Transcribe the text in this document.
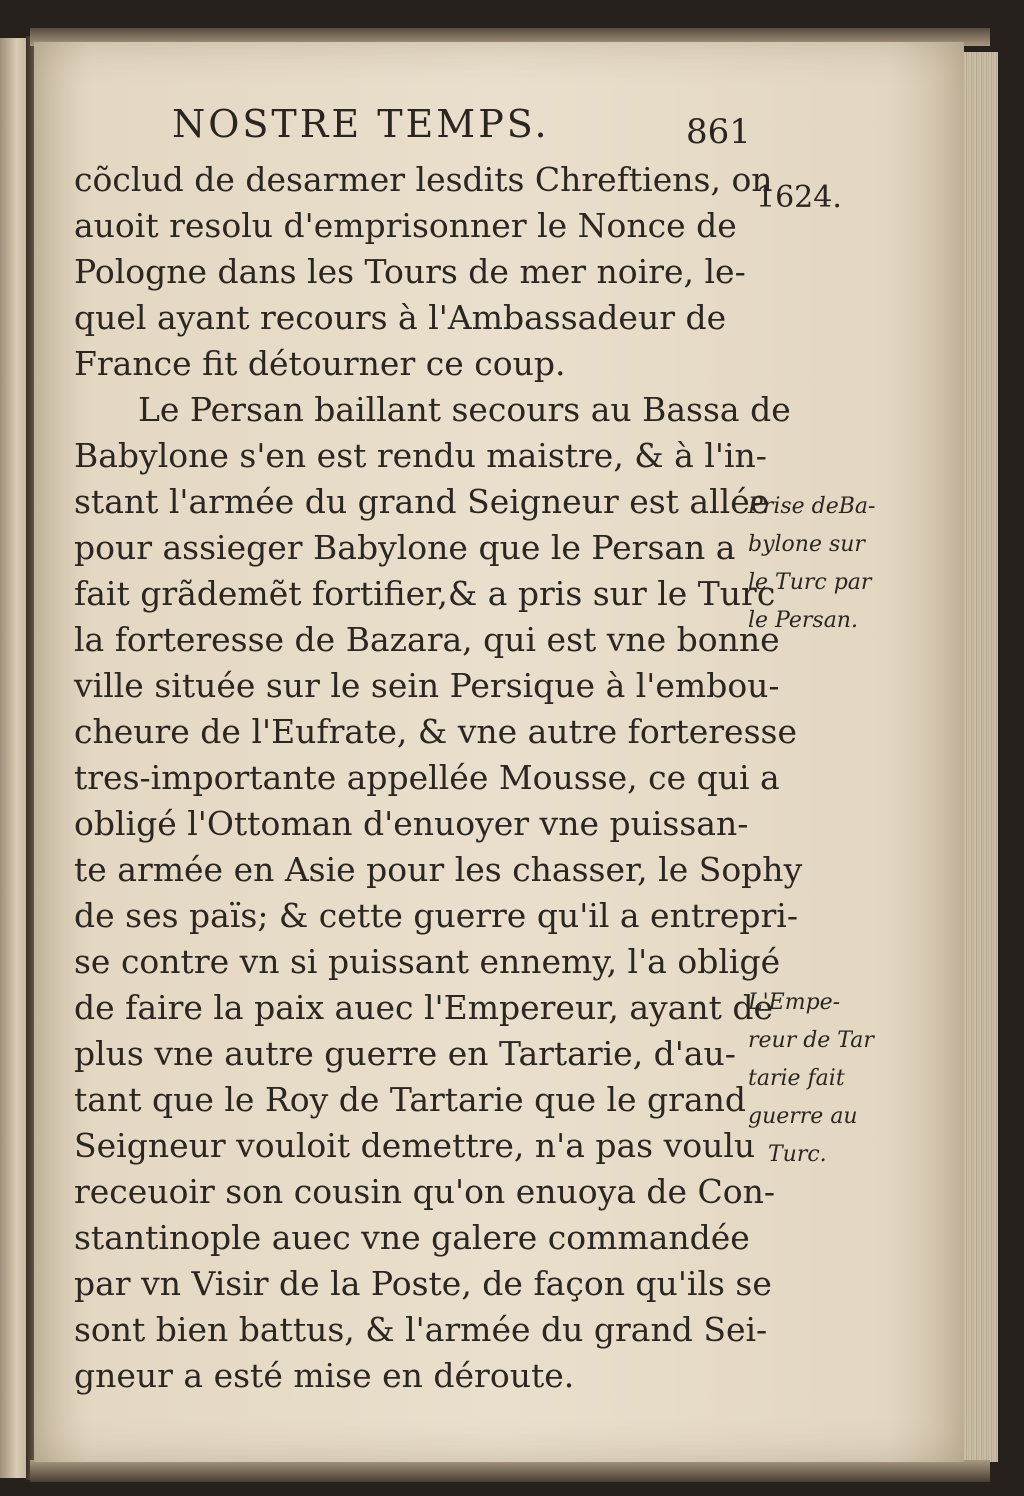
NOSTRE TEMPS.	861
1624.
cõclud de desarmer lesdits Chreftiens, on
auoit resolu d'emprisonner le Nonce de
Pologne dans les Tours de mer noire, le-
quel ayant recours à l'Ambassadeur de
France fit détourner ce coup.
Le Persan baillant secours au Bassa de
Babylone s'en est rendu maistre, & à l'in-
stant l'armée du grand Seigneur est allée
pour assieger Babylone que le Persan a
fait grãdemẽt fortifier,& a pris sur le Turc
la forteresse de Bazara, qui est vne bonne
ville située sur le sein Persique à l'embou-
cheure de l'Eufrate, & vne autre forteresse
tres-importante appellée Mousse, ce qui a
obligé l'Ottoman d'enuoyer vne puissan-
te armée en Asie pour les chasser, le Sophy
de ses païs; & cette guerre qu'il a entrepri-
se contre vn si puissant ennemy, l'a obligé
de faire la paix auec l'Empereur, ayant de
plus vne autre guerre en Tartarie, d'au-
tant que le Roy de Tartarie que le grand
Seigneur vouloit demettre, n'a pas voulu
receuoir son cousin qu'on enuoya de Con-
stantinople auec vne galere commandée
par vn Visir de la Poste, de façon qu'ils se
sont bien battus, & l'armée du grand Sei-
gneur a esté mise en déroute.
Prise deBa-
bylone sur
le Turc par
le Persan.
L'Empe-
reur de Tar
tarie fait
guerre au
Turc.
